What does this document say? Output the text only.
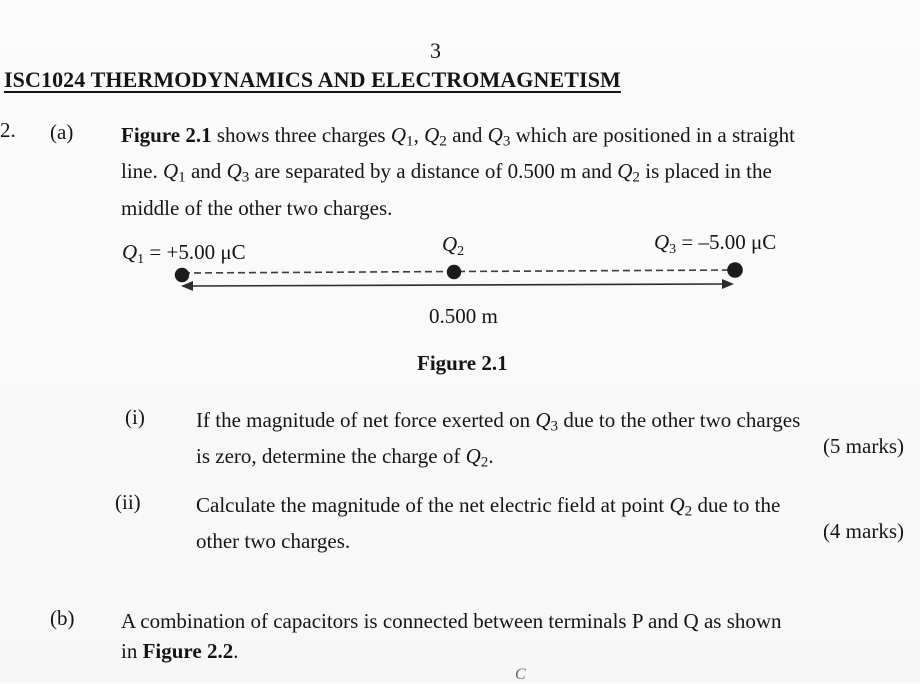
3
ISC1024 THERMODYNAMICS AND ELECTROMAGNETISM
2. (a) Figure 2.1 shows three charges $Q_1$, $Q_2$ and $Q_3$ which are positioned in a straight
line. $Q_1$ and $Q_3$ are separated by a distance of 0.500 m and $Q_2$ is placed in the
middle of the other two charges.
Q1 = +5.00 μC	Q2	Q3 = –5.00 μC
0.500 m
Figure 2.1
(i) If the magnitude of net force exerted on $Q_3$ due to the other two charges
is zero, determine the charge of $Q_2$.	(5 marks)
(ii)	Calculate the magnitude of the net electric field at point $Q_2$ due to the
other two charges.	(4 marks)
(b) A combination of capacitors is connected between terminals P and Q as shown
in Figure 2.2.
C
